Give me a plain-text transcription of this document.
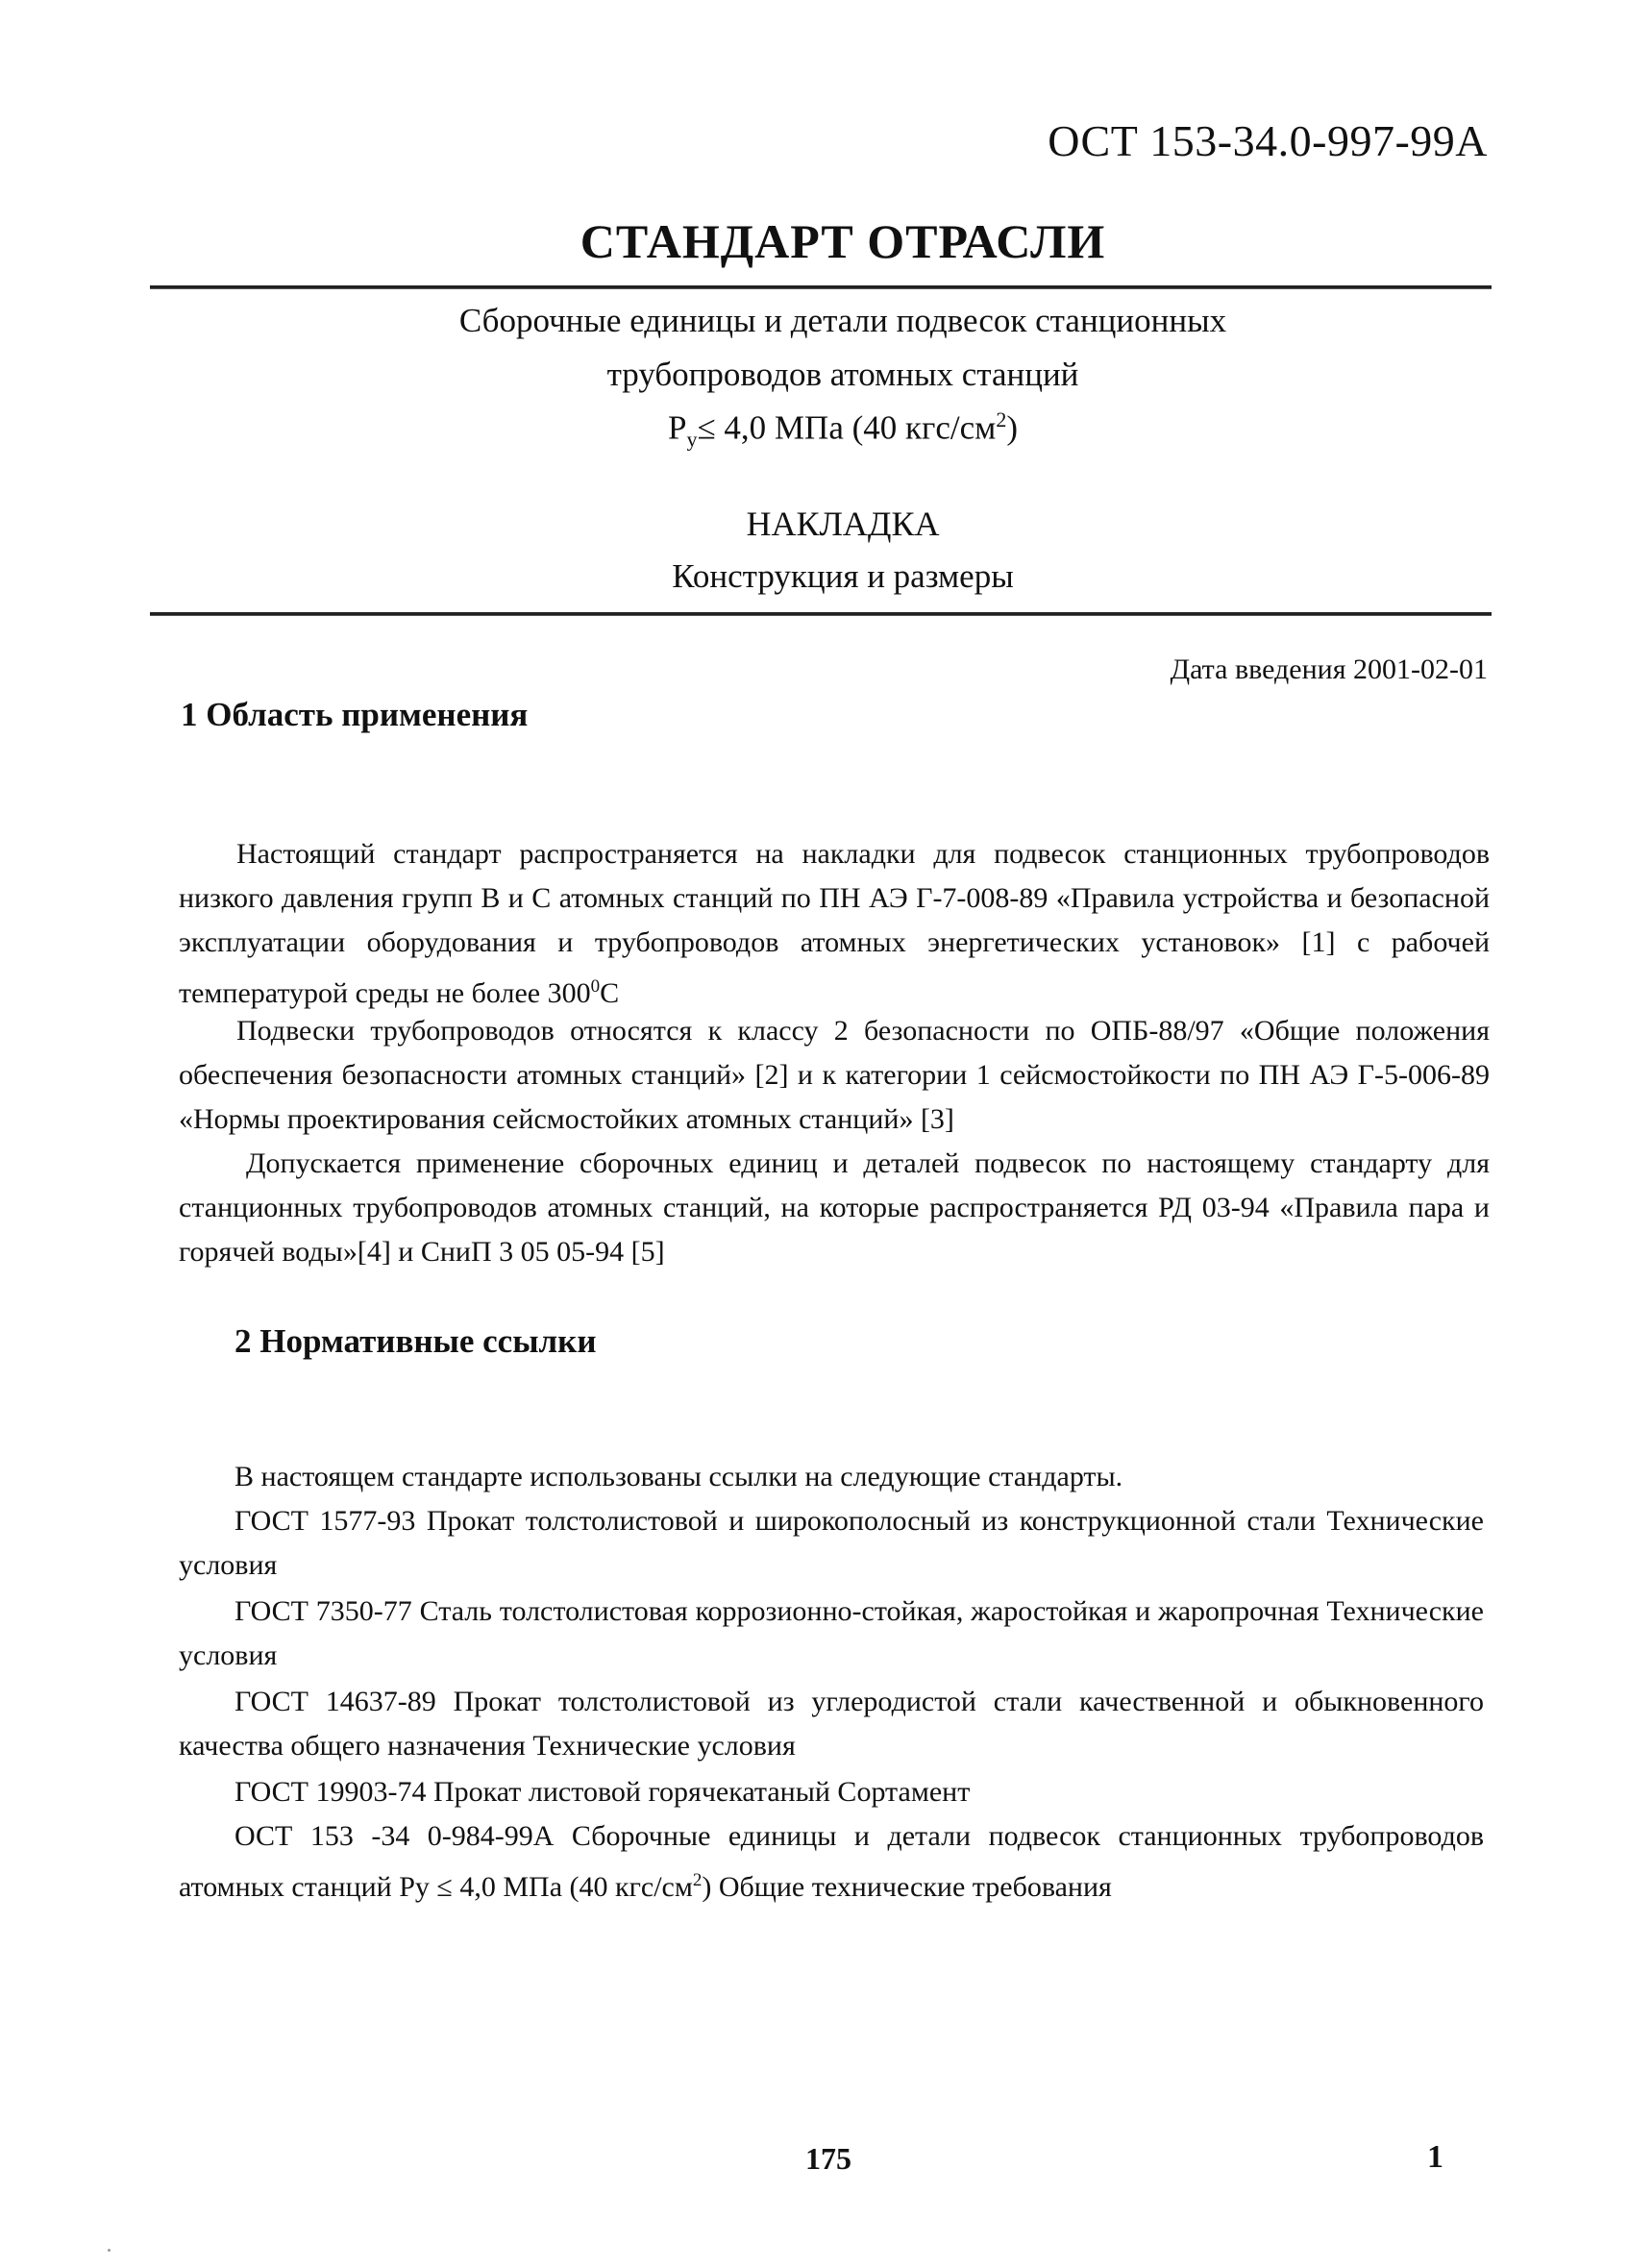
ОСТ 153-34.0-997-99А
СТАНДАРТ ОТРАСЛИ
Сборочные единицы и детали подвесок станционных
трубопроводов атомных станций
$P_у\le 4,0$ МПа (40 кгс/$см^2$)
НАКЛАДКА
Конструкция и размеры
Дата введения 2001-02-01
1 Область применения

Настоящий стандарт распространяется на накладки для подвесок станционных трубопроводов низкого давления групп В и С атомных станций по ПН АЭ Г-7-008-89 «Правила устройства и безопасной эксплуатации оборудования и трубопроводов атомных энергетических установок» [1] с рабочей температурой среды не более $300^0С$

Подвески трубопроводов относятся к классу 2 безопасности по ОПБ-88/97 «Общие положения обеспечения безопасности атомных станций» [2] и к категории 1 сейсмостойкости по ПН АЭ Г-5-006-89 «Нормы проектирования сейсмостойких атомных станций» [3]

Допускается применение сборочных единиц и деталей подвесок по настоящему стандарту для станционных трубопроводов атомных станций, на которые распространяется РД 03-94 «Правила пара и горячей воды»[4] и СниП 3 05 05-94 [5]

2 Нормативные ссылки

В настоящем стандарте использованы ссылки на следующие стандарты.

ГОСТ 1577-93 Прокат толстолистовой и широкополосный из конструкционной стали Технические условия

ГОСТ 7350-77 Сталь толстолистовая коррозионно-стойкая, жаростойкая и жаропрочная Технические условия

ГОСТ 14637-89 Прокат толстолистовой из углеродистой стали качественной и обыкновенного качества общего назначения Технические условия

ГОСТ 19903-74 Прокат листовой горячекатаный Сортамент

ОСТ 153 -34 0-984-99А Сборочные единицы и детали подвесок станционных трубопроводов атомных станций Ру ≤ 4,0 МПа (40 кгс/$см^2$) Общие технические требования

175	1
